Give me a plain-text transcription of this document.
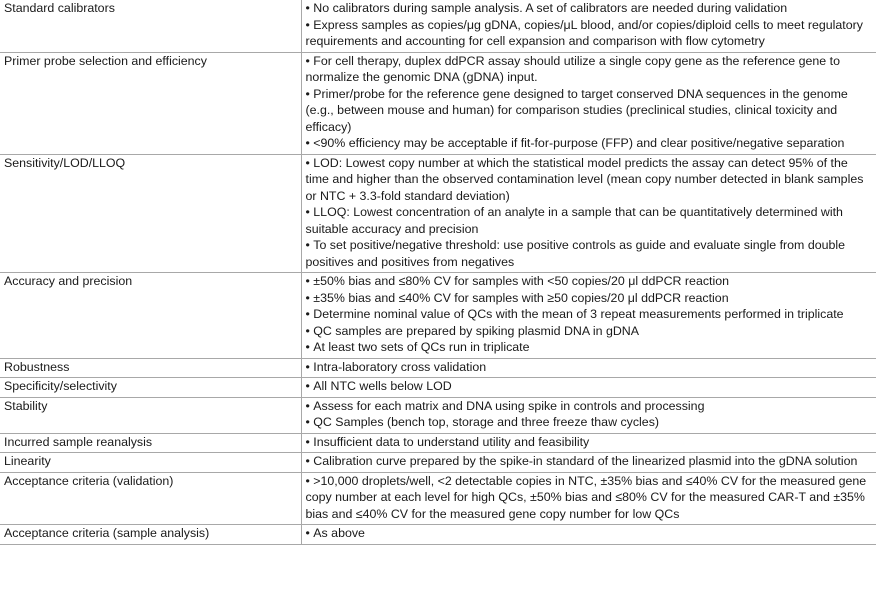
Standard calibrators	• No calibrators during sample analysis. A set of calibrators are needed during validation
• Express samples as copies/μg gDNA, copies/μL blood, and/or copies/diploid cells to meet regulatory requirements and accounting for cell expansion and comparison with flow cytometry

Primer probe selection and efficiency	• For cell therapy, duplex ddPCR assay should utilize a single copy gene as the reference gene to normalize the genomic DNA (gDNA) input.
• Primer/probe for the reference gene designed to target conserved DNA sequences in the genome (e.g., between mouse and human) for comparison studies (preclinical studies, clinical toxicity and efficacy)
• <90% efficiency may be acceptable if fit-for-purpose (FFP) and clear positive/negative separation

Sensitivity/LOD/LLOQ	• LOD: Lowest copy number at which the statistical model predicts the assay can detect 95% of the time and higher than the observed contamination level (mean copy number detected in blank samples or NTC + 3.3-fold standard deviation)
• LLOQ: Lowest concentration of an analyte in a sample that can be quantitatively determined with suitable accuracy and precision
• To set positive/negative threshold: use positive controls as guide and evaluate single from double positives and positives from negatives

Accuracy and precision	• ±50% bias and ≤80% CV for samples with <50 copies/20 μl ddPCR reaction
• ±35% bias and ≤40% CV for samples with ≥50 copies/20 μl ddPCR reaction
• Determine nominal value of QCs with the mean of 3 repeat measurements performed in triplicate
• QC samples are prepared by spiking plasmid DNA in gDNA
• At least two sets of QCs run in triplicate

Robustness	• Intra-laboratory cross validation

Specificity/selectivity	• All NTC wells below LOD

Stability	• Assess for each matrix and DNA using spike in controls and processing
• QC Samples (bench top, storage and three freeze thaw cycles)

Incurred sample reanalysis	• Insufficient data to understand utility and feasibility

Linearity	• Calibration curve prepared by the spike-in standard of the linearized plasmid into the gDNA solution

Acceptance criteria (validation)	• >10,000 droplets/well, <2 detectable copies in NTC, ±35% bias and ≤40% CV for the measured gene copy number at each level for high QCs, ±50% bias and ≤80% CV for the measured CAR-T and ±35% bias and ≤40% CV for the measured gene copy number for low QCs

Acceptance criteria (sample analysis)	• As above
